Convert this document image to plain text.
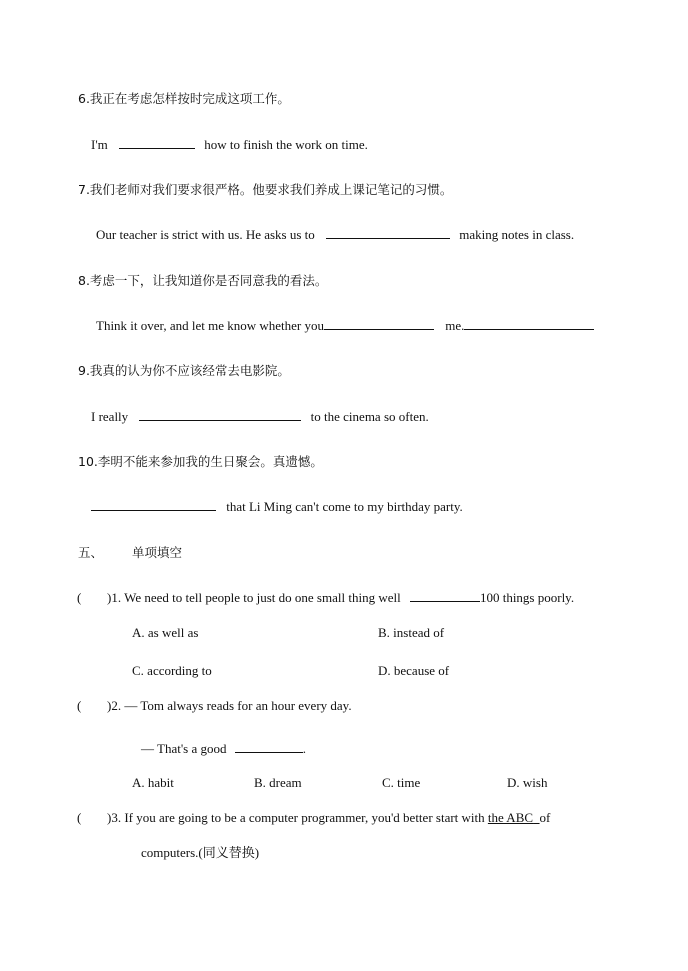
6.我正在考虑怎样按时完成这项工作。
I'm	how to finish the work on time.
7.我们老师对我们要求很严格。他要求我们养成上课记笔记的习惯。
Our teacher is strict with us. He asks us to	making notes in class.
8.考虑一下，让我知道你是否同意我的看法。
Think it over, and let me know whether you	me.
9.我真的认为你不应该经常去电影院。
I really	to the cinema so often.
10.李明不能来参加我的生日聚会。真遗憾。
that Li Ming can't come to my birthday party.
五、 单项填空
( )1. We need to tell people to just do one small thing well	100 things poorly.
A. as well as	B. instead of
C. according to	D. because of
( )2. — Tom always reads for an hour every day.
— That's a good	.
A. habit	B. dream	C. time	D. wish
( )3. If you are going to be a computer programmer, you'd better start with the ABC of
computers.(同义替换)
